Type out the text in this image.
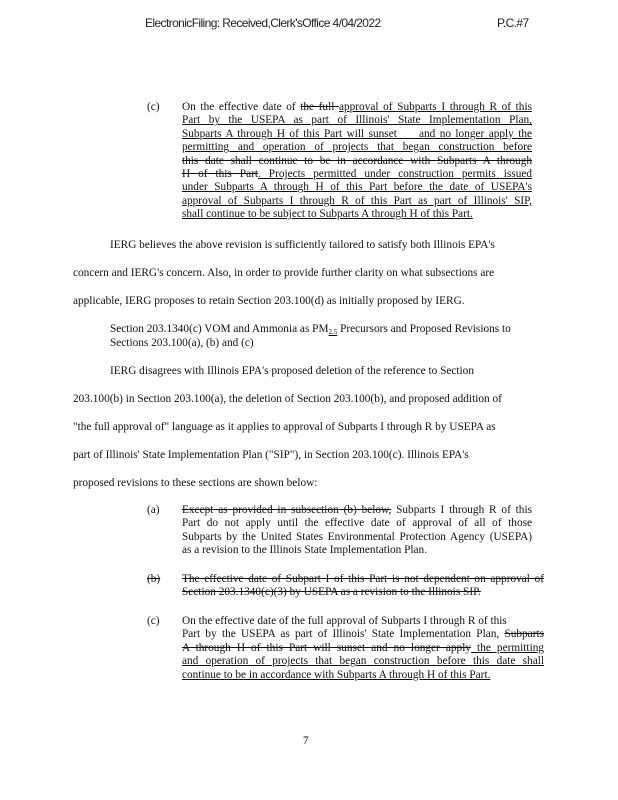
ElectronicFiling: Received,Clerk'sOffice 4/04/2022	P.C.#7
(c) On the effective date of the full approval of Subparts I through R of this
Part by the USEPA as part of Illinois' State Implementation Plan,
Subparts A through H of this Part will sunset and no longer apply the
permitting and operation of projects that began construction before
this date shall continue to be in accordance with Subparts A through
H of this Part. Projects permitted under construction permits issued
under Subparts A through H of this Part before the date of USEPA's
approval of Subparts I through R of this Part as part of Illinois' SIP,
shall continue to be subject to Subparts A through H of this Part.
IERG believes the above revision is sufficiently tailored to satisfy both Illinois EPA's
concern and IERG's concern. Also, in order to provide further clarity on what subsections are
applicable, IERG proposes to retain Section 203.100(d) as initially proposed by IERG.
Section 203.1340(c) VOM and Ammonia as $PM_{2.5}$ Precursors and Proposed Revisions to
Sections 203.100(a), (b) and (c)
IERG disagrees with Illinois EPA's proposed deletion of the reference to Section
203.100(b) in Section 203.100(a), the deletion of Section 203.100(b), and proposed addition of
"the full approval of" language as it applies to approval of Subparts I through R by USEPA as
part of Illinois' State Implementation Plan ("SIP"), in Section 203.100(c). Illinois EPA's
proposed revisions to these sections are shown below:
(a) Except as provided in subsection (b) below, Subparts I through R of this
Part do not apply until the effective date of approval of all of those
Subparts by the United States Environmental Protection Agency (USEPA)
as a revision to the Illinois State Implementation Plan.
(b) The effective date of Subpart I of this Part is not dependent on approval of
Section 203.1340(c)(3) by USEPA as a revision to the Illinois SIP.
(c) On the effective date of the full approval of Subparts I through R of this
Part by the USEPA as part of Illinois' State Implementation Plan, Subparts
A through H of this Part will sunset and no longer apply the permitting
and operation of projects that began construction before this date shall
continue to be in accordance with Subparts A through H of this Part.
7
